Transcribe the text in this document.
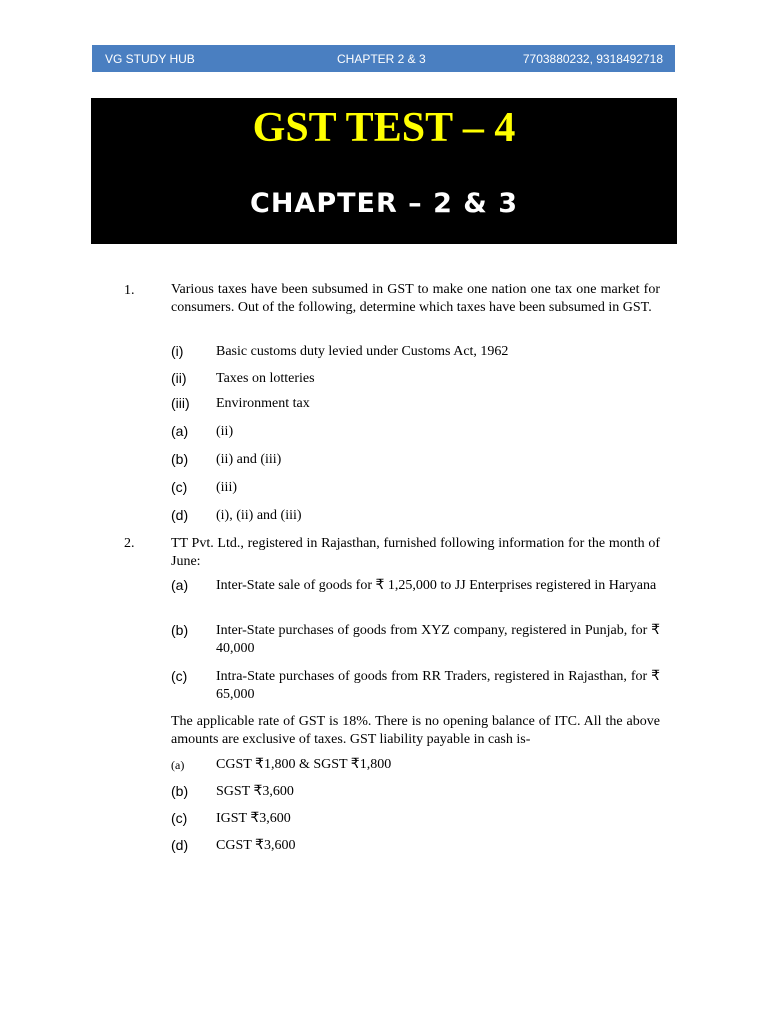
VG STUDY HUB	CHAPTER 2 & 3	7703880232, 9318492718
GST TEST – 4
CHAPTER – 2 & 3
1.	Various taxes have been subsumed in GST to make one nation one tax one market for consumers. Out of the following, determine which taxes have been subsumed in GST.
(i) Basic customs duty levied under Customs Act, 1962
(ii) Taxes on lotteries
(iii) Environment tax
(a) (ii)
(b) (ii) and (iii)
(c) (iii)
(d) (i), (ii) and (iii)
2.	TT Pvt. Ltd., registered in Rajasthan, furnished following information for the month of June:
(a) Inter-State sale of goods for ₹ 1,25,000 to JJ Enterprises registered in Haryana
(b) Inter-State purchases of goods from XYZ company, registered in Punjab, for ₹ 40,000
(c) Intra-State purchases of goods from RR Traders, registered in Rajasthan, for ₹ 65,000
The applicable rate of GST is 18%. There is no opening balance of ITC. All the above amounts are exclusive of taxes. GST liability payable in cash is-
(a) CGST ₹1,800 & SGST ₹1,800
(b) SGST ₹3,600
(c) IGST ₹3,600
(d) CGST ₹3,600
